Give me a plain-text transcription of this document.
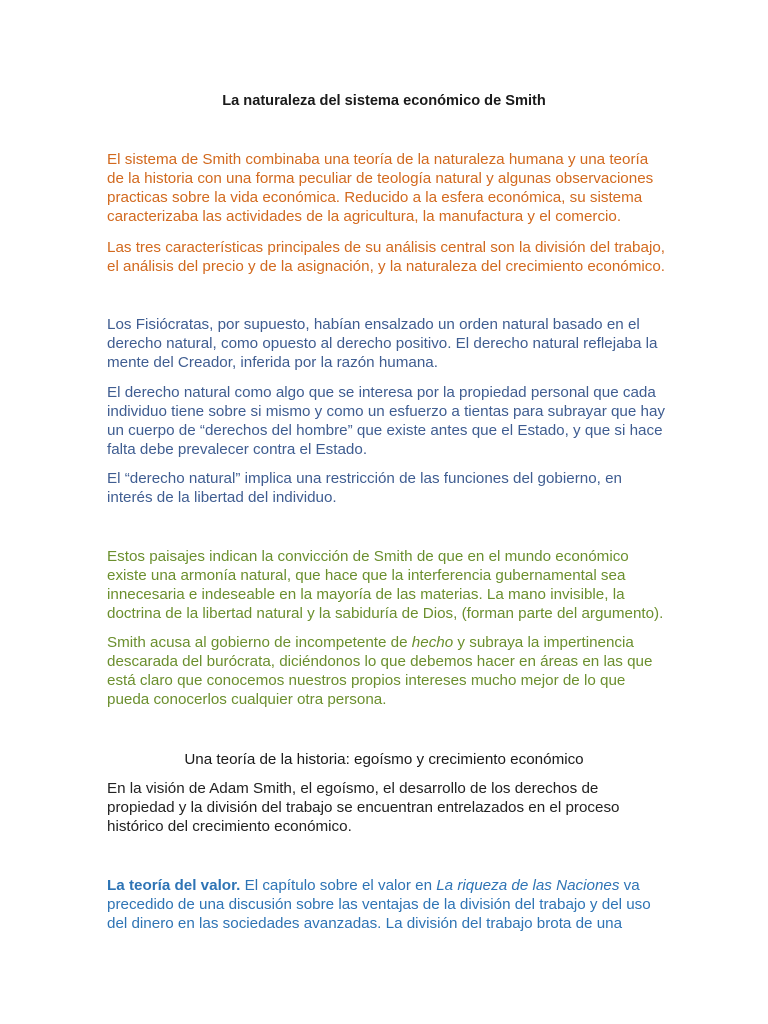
La naturaleza del sistema económico de Smith

El sistema de Smith combinaba una teoría de la naturaleza humana y una teoría de la historia con una forma peculiar de teología natural y algunas observaciones practicas sobre la vida económica. Reducido a la esfera económica, su sistema caracterizaba las actividades de la agricultura, la manufactura y el comercio.

Las tres características principales de su análisis central son la división del trabajo, el análisis del precio y de la asignación, y la naturaleza del crecimiento económico.

Los Fisiócratas, por supuesto, habían ensalzado un orden natural basado en el derecho natural, como opuesto al derecho positivo. El derecho natural reflejaba la mente del Creador, inferida por la razón humana.

El derecho natural como algo que se interesa por la propiedad personal que cada individuo tiene sobre si mismo y como un esfuerzo a tientas para subrayar que hay un cuerpo de “derechos del hombre” que existe antes que el Estado, y que si hace falta debe prevalecer contra el Estado.

El “derecho natural” implica una restricción de las funciones del gobierno, en interés de la libertad del individuo.

Estos paisajes indican la convicción de Smith de que en el mundo económico existe una armonía natural, que hace que la interferencia gubernamental sea innecesaria e indeseable en la mayoría de las materias. La mano invisible, la doctrina de la libertad natural y la sabiduría de Dios, (forman parte del argumento).

Smith acusa al gobierno de incompetente de hecho y subraya la impertinencia descarada del burócrata, diciéndonos lo que debemos hacer en áreas en las que está claro que conocemos nuestros propios intereses mucho mejor de lo que pueda conocerlos cualquier otra persona.

Una teoría de la historia: egoísmo y crecimiento económico

En la visión de Adam Smith, el egoísmo, el desarrollo de los derechos de propiedad y la división del trabajo se encuentran entrelazados en el proceso histórico del crecimiento económico.

La teoría del valor. El capítulo sobre el valor en La riqueza de las Naciones va precedido de una discusión sobre las ventajas de la división del trabajo y del uso del dinero en las sociedades avanzadas. La división del trabajo brota de una
